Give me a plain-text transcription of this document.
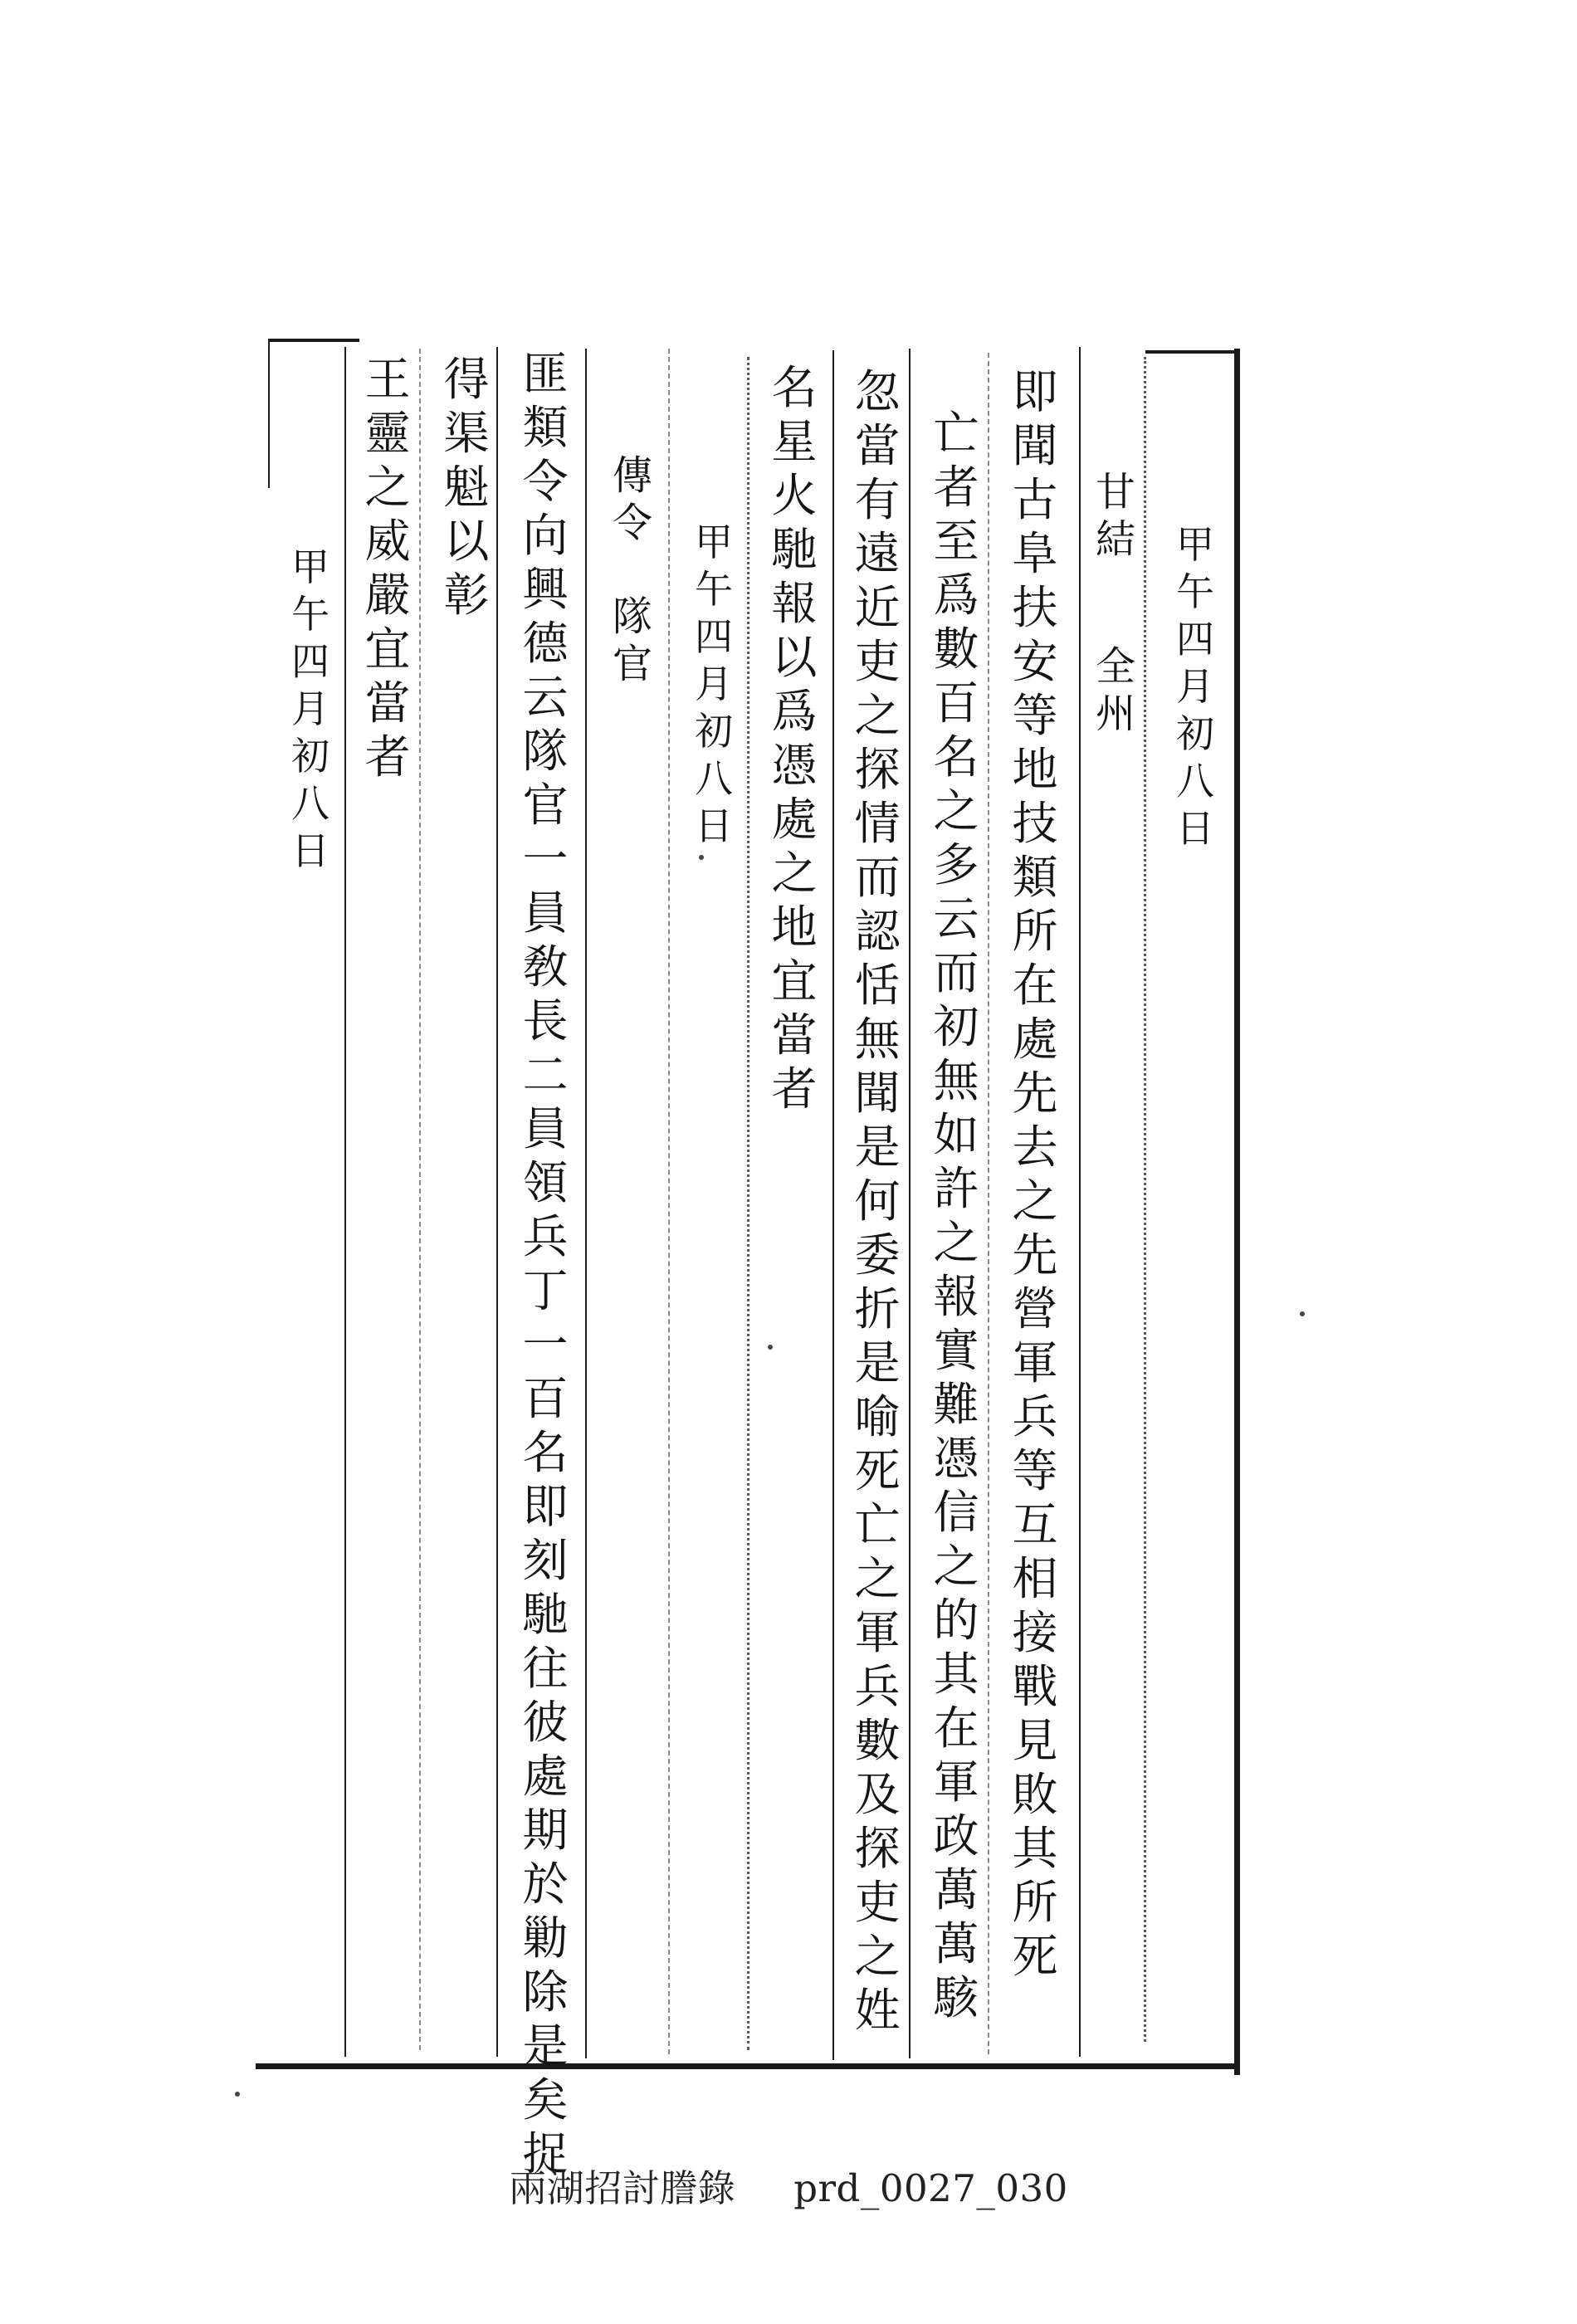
甲
午
四
月
初
八
日
甘
結
全
州
即
聞
古
阜
扶
安
等
地
技
類
所
在
處
先
去
之
先
營
軍
兵
等
互
相
接
戰
見
敗
其
所
死
亡
者
至
爲
數
百
名
之
多
云
而
初
無
如
許
之
報
實
難
憑
信
之
的
其
在
軍
政
萬
萬
駭
忽
當
有
遠
近
吏
之
探
情
而
認
恬
無
聞
是
何
委
折
是
喻
死
亡
之
軍
兵
數
及
探
吏
之
姓
名
星
火
馳
報
以
爲
憑
處
之
地
宜
當
者
甲
午
四
月
初
八
日
傳
令
隊
官
匪
類
令
向
興
德
云
隊
官
一
員
敎
長
二
員
領
兵
丁
一
百
名
即
刻
馳
往
彼
處
期
於
勦
除
是
矣
捉
得
渠
魁
以
彰
王
靈
之
威
嚴
宜
當
者
甲
午
四
月
初
八
日
兩湖招討謄錄 prd_0027_030
